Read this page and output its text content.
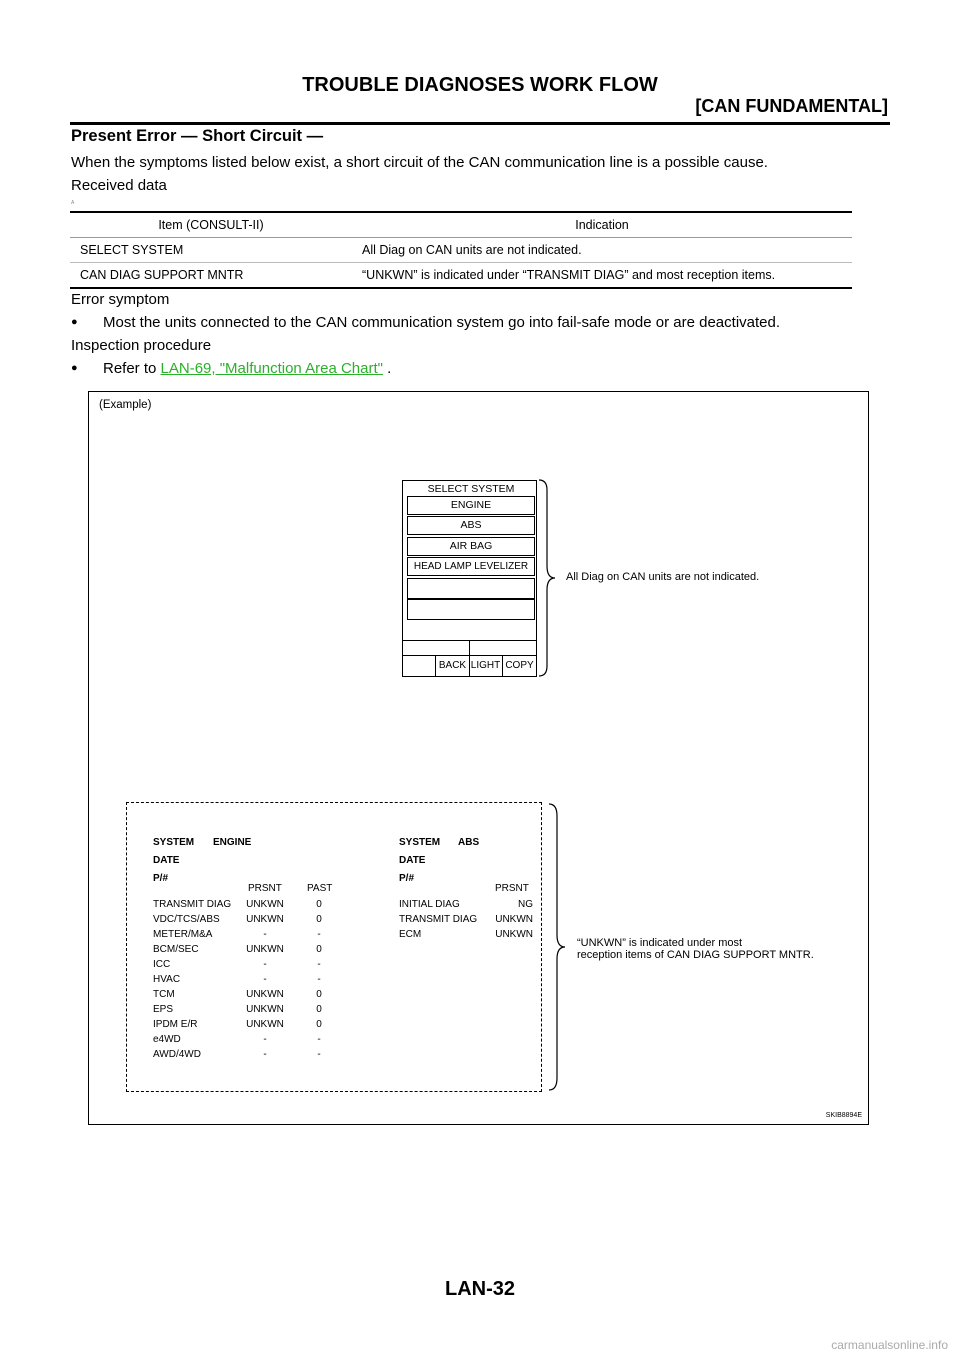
TROUBLE DIAGNOSES WORK FLOW
[CAN FUNDAMENTAL]
Present Error — Short Circuit —
When the symptoms listed below exist, a short circuit of the CAN communication line is a possible cause.
Received data
A
Item (CONSULT-II)	Indication
SELECT SYSTEM	All Diag on CAN units are not indicated.
CAN DIAG SUPPORT MNTR	“UNKWN” is indicated under “TRANSMIT DIAG” and most reception items.
Error symptom
● Most the units connected to the CAN communication system go into fail-safe mode or are deactivated.
Inspection procedure
● Refer to LAN-69, "Malfunction Area Chart" .
(Example)
SELECT SYSTEM
ENGINE
ABS
AIR BAG
HEAD LAMP LEVELIZER
BACK LIGHT COPY
All Diag on CAN units are not indicated.
SYSTEM ENGINE
DATE
P/#
PRSNT	PAST
TRANSMIT DIAG	UNKWN	0
VDC/TCS/ABS	UNKWN	0
METER/M&A	-	-
BCM/SEC	UNKWN	0
ICC	-	-
HVAC	-	-
TCM	UNKWN	0
EPS	UNKWN	0
IPDM E/R	UNKWN	0
e4WD	-	-
AWD/4WD	-	-
SYSTEM ABS
DATE
P/#
PRSNT
INITIAL DIAG	NG
TRANSMIT DIAG	UNKWN
ECM	UNKWN
“UNKWN” is indicated under most
reception items of CAN DIAG SUPPORT MNTR.
SKIB8894E
LAN-32
carmanualsonline.info
